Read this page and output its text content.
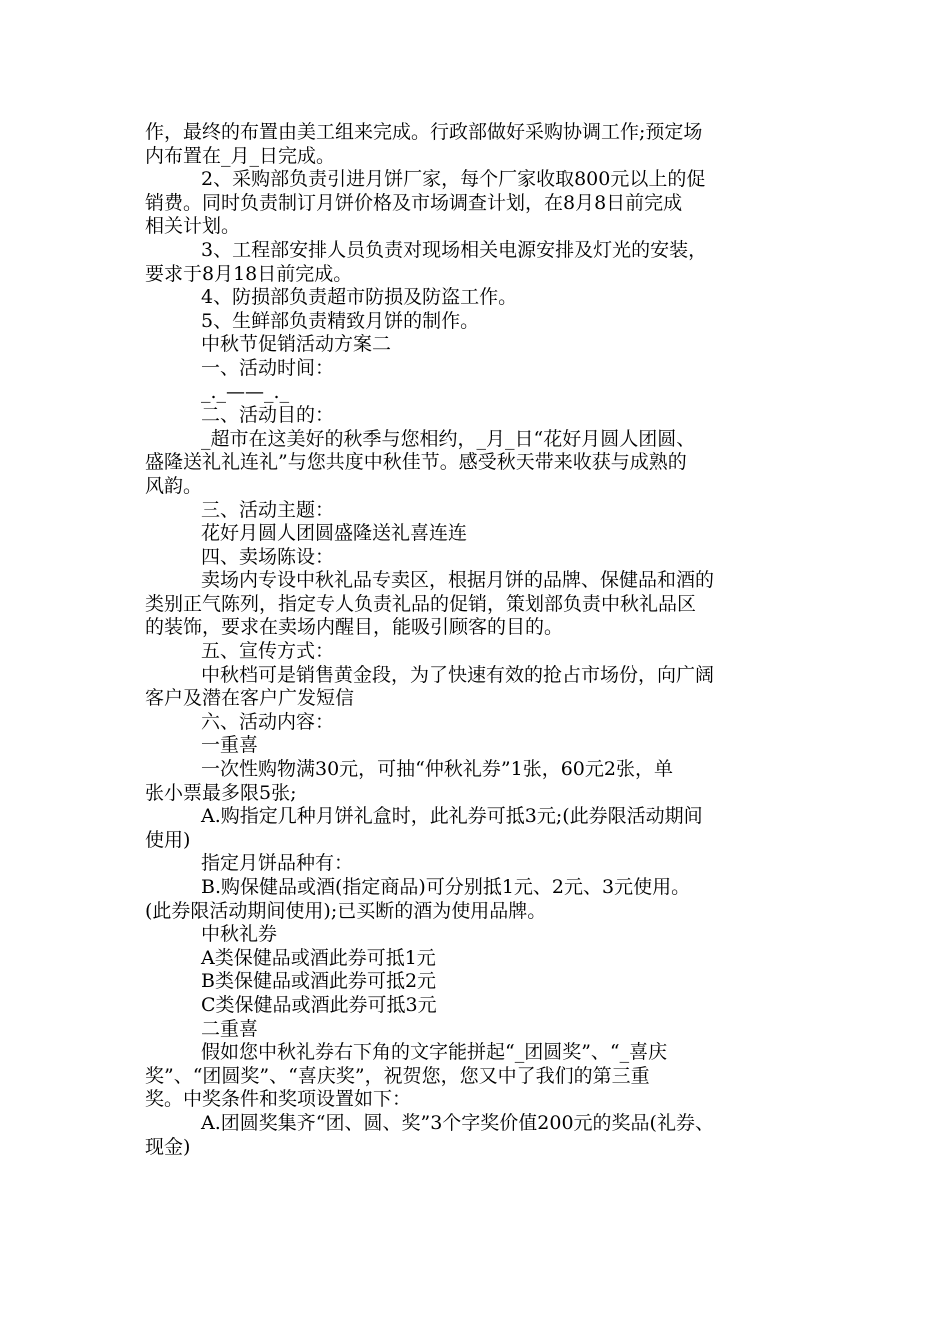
作，最终的布置由美工组来完成。行政部做好采购协调工作;预定场
内布置在_月_日完成。
2、采购部负责引进月饼厂家，每个厂家收取800元以上的促
销费。同时负责制订月饼价格及市场调查计划，在8月8日前完成
相关计划。
3、工程部安排人员负责对现场相关电源安排及灯光的安装，
要求于8月18日前完成。
4、防损部负责超市防损及防盗工作。
5、生鲜部负责精致月饼的制作。
中秋节促销活动方案二
一、活动时间：
_._——_._
二、活动目的：
_超市在这美好的秋季与您相约，_月_日“花好月圆人团圆、
盛隆送礼礼连礼”与您共度中秋佳节。感受秋天带来收获与成熟的
风韵。
三、活动主题：
花好月圆人团圆盛隆送礼喜连连
四、卖场陈设：
卖场内专设中秋礼品专卖区，根据月饼的品牌、保健品和酒的
类别正气陈列，指定专人负责礼品的促销，策划部负责中秋礼品区
的装饰，要求在卖场内醒目，能吸引顾客的目的。
五、宣传方式：
中秋档可是销售黄金段，为了快速有效的抢占市场份，向广阔
客户及潜在客户广发短信
六、活动内容：
一重喜
一次性购物满30元，可抽“仲秋礼券”1张，60元2张，单
张小票最多限5张;
A.购指定几种月饼礼盒时，此礼券可抵3元;(此券限活动期间
使用)
指定月饼品种有：
B.购保健品或酒(指定商品)可分别抵1元、2元、3元使用。
(此券限活动期间使用);已买断的酒为使用品牌。
中秋礼券
A类保健品或酒此券可抵1元
B类保健品或酒此券可抵2元
C类保健品或酒此券可抵3元
二重喜
假如您中秋礼券右下角的文字能拼起“_团圆奖”、“_喜庆
奖”、“团圆奖”、“喜庆奖”，祝贺您，您又中了我们的第三重
奖。中奖条件和奖项设置如下：
A.团圆奖集齐“团、圆、奖”3个字奖价值200元的奖品(礼券、
现金)
